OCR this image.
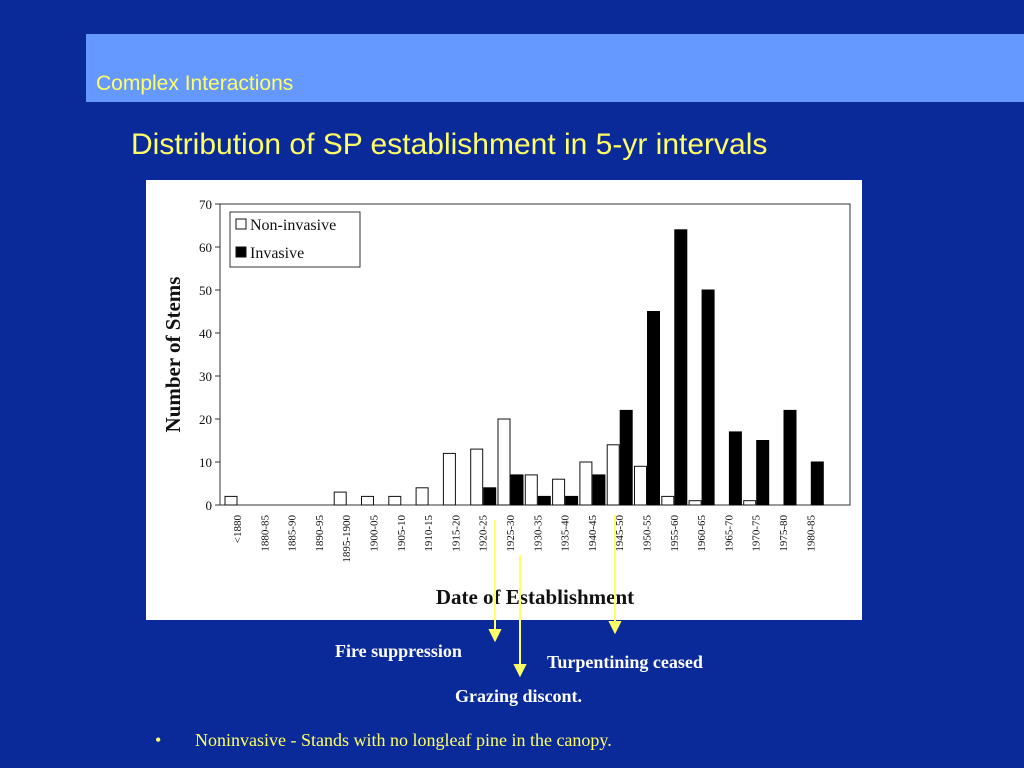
Complex Interactions
Distribution of SP establishment in 5-yr intervals
0
10
20
30
40
50
60
70
<1880 1880-85 1885-90 1890-95 1895-1900 1900-05 1905-10 1910-15 1915-20 1920-25 1925-30 1930-35 1935-40 1940-45 1945-50 1950-55 1955-60 1960-65 1965-70 1970-75 1975-80 1980-85
Number of Stems
Date of Establishment
Non-invasive
Invasive
Fire suppression
Turpentining ceased
Grazing discont.
• Noninvasive - Stands with no longleaf pine in the canopy.
